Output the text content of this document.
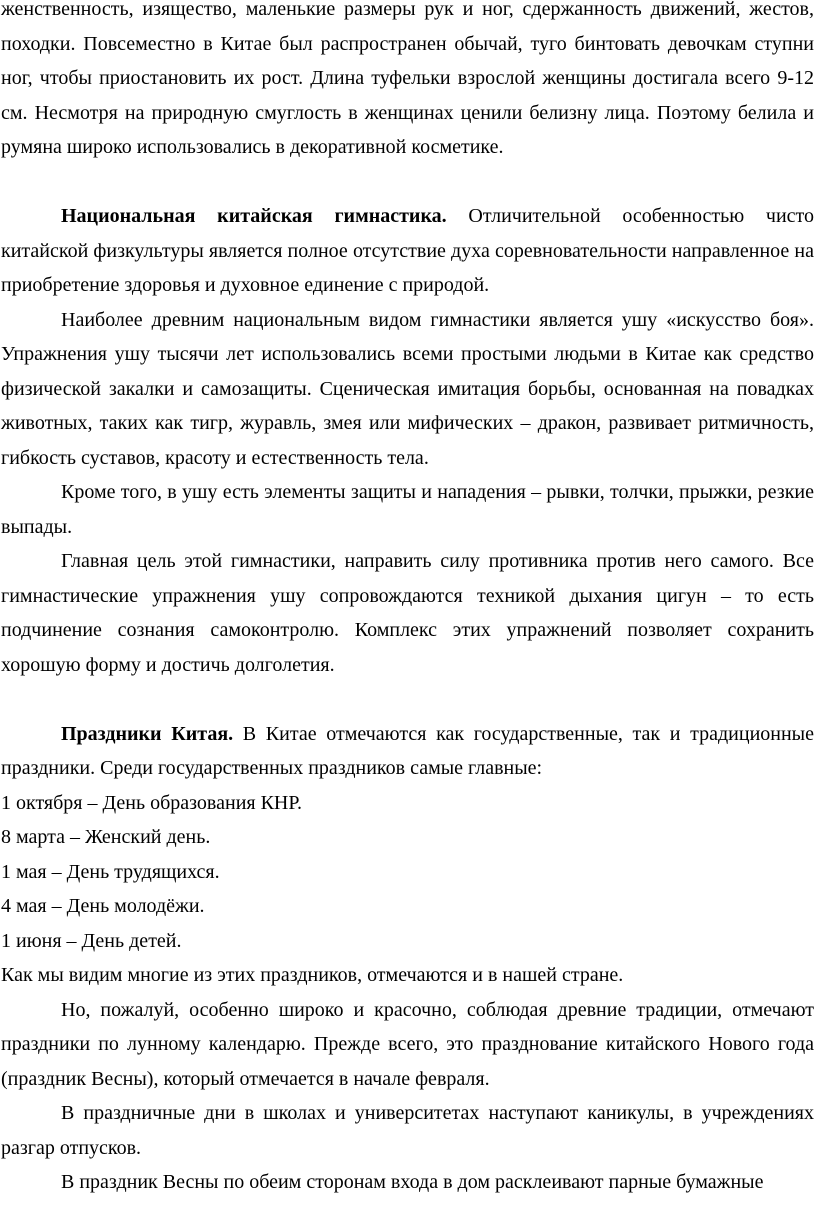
женственность, изящество, маленькие размеры рук и ног, сдержанность движений, жестов, походки. Повсеместно в Китае был распространен обычай, туго бинтовать девочкам ступни ног, чтобы приостановить их рост. Длина туфельки взрослой женщины достигала всего 9-12 см. Несмотря на природную смуглость в женщинах ценили белизну лица. Поэтому белила и румяна широко использовались в декоративной косметике.

Национальная китайская гимнастика. Отличительной особенностью чисто китайской физкультуры является полное отсутствие духа соревновательности направленное на приобретение здоровья и духовное единение с природой.

Наиболее древним национальным видом гимнастики является ушу «искусство боя». Упражнения ушу тысячи лет использовались всеми простыми людьми в Китае как средство физической закалки и самозащиты. Сценическая имитация борьбы, основанная на повадках животных, таких как тигр, журавль, змея или мифических – дракон, развивает ритмичность, гибкость суставов, красоту и естественность тела.

Кроме того, в ушу есть элементы защиты и нападения – рывки, толчки, прыжки, резкие выпады.

Главная цель этой гимнастики, направить силу противника против него самого. Все гимнастические упражнения ушу сопровождаются техникой дыхания цигун – то есть подчинение сознания самоконтролю. Комплекс этих упражнений позволяет сохранить хорошую форму и достичь долголетия.

Праздники Китая. В Китае отмечаются как государственные, так и традиционные праздники. Среди государственных праздников самые главные:

1 октября – День образования КНР.

8 марта – Женский день.

1 мая – День трудящихся.

4 мая – День молодёжи.

1 июня – День детей.

Как мы видим многие из этих праздников, отмечаются и в нашей стране.

Но, пожалуй, особенно широко и красочно, соблюдая древние традиции, отмечают праздники по лунному календарю. Прежде всего, это празднование китайского Нового года (праздник Весны), который отмечается в начале февраля.

В праздничные дни в школах и университетах наступают каникулы, в учреждениях разгар отпусков.

В праздник Весны по обеим сторонам входа в дом расклеивают парные бумажные
